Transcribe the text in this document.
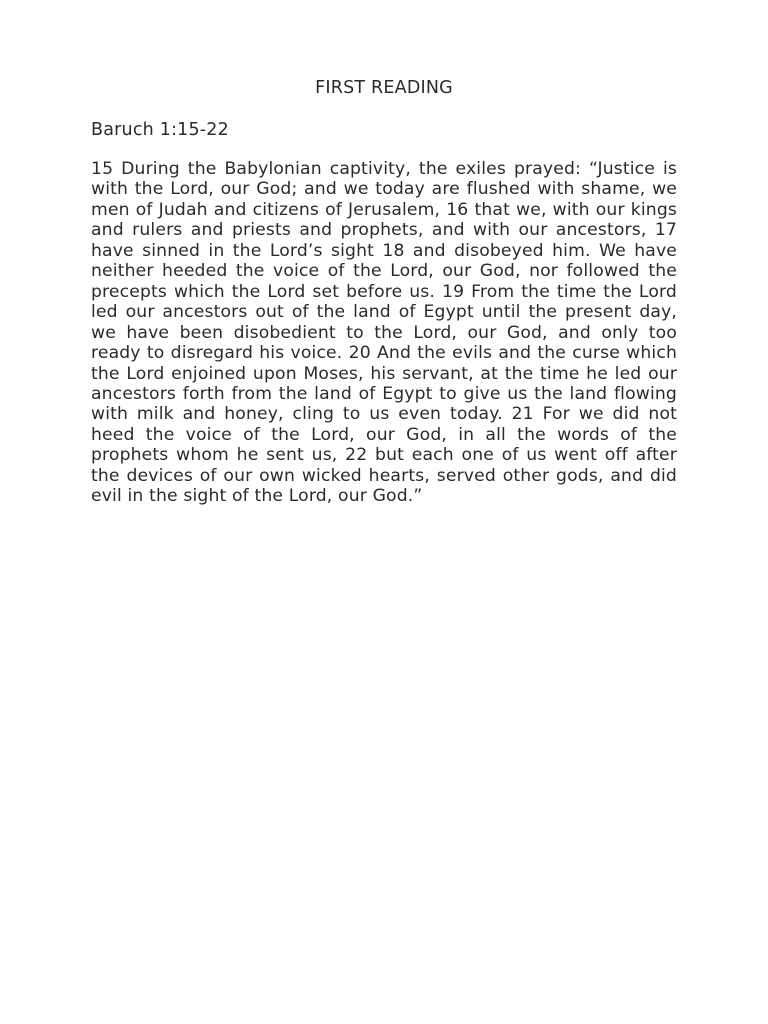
FIRST READING
Baruch 1:15-22

15 During the Babylonian captivity, the exiles prayed: “Justice is with the Lord, our God; and we today are flushed with shame, we men of Judah and citizens of Jerusalem, 16 that we, with our kings and rulers and priests and prophets, and with our ancestors, 17 have sinned in the Lord’s sight 18 and disobeyed him. We have neither heeded the voice of the Lord, our God, nor followed the precepts which the Lord set before us. 19 From the time the Lord led our ancestors out of the land of Egypt until the present day, we have been disobedient to the Lord, our God, and only too ready to disregard his voice. 20 And the evils and the curse which the Lord enjoined upon Moses, his servant, at the time he led our ancestors forth from the land of Egypt to give us the land flowing with milk and honey, cling to us even today. 21 For we did not heed the voice of the Lord, our God, in all the words of the prophets whom he sent us, 22 but each one of us went off after the devices of our own wicked hearts, served other gods, and did evil in the sight of the Lord, our God.”
